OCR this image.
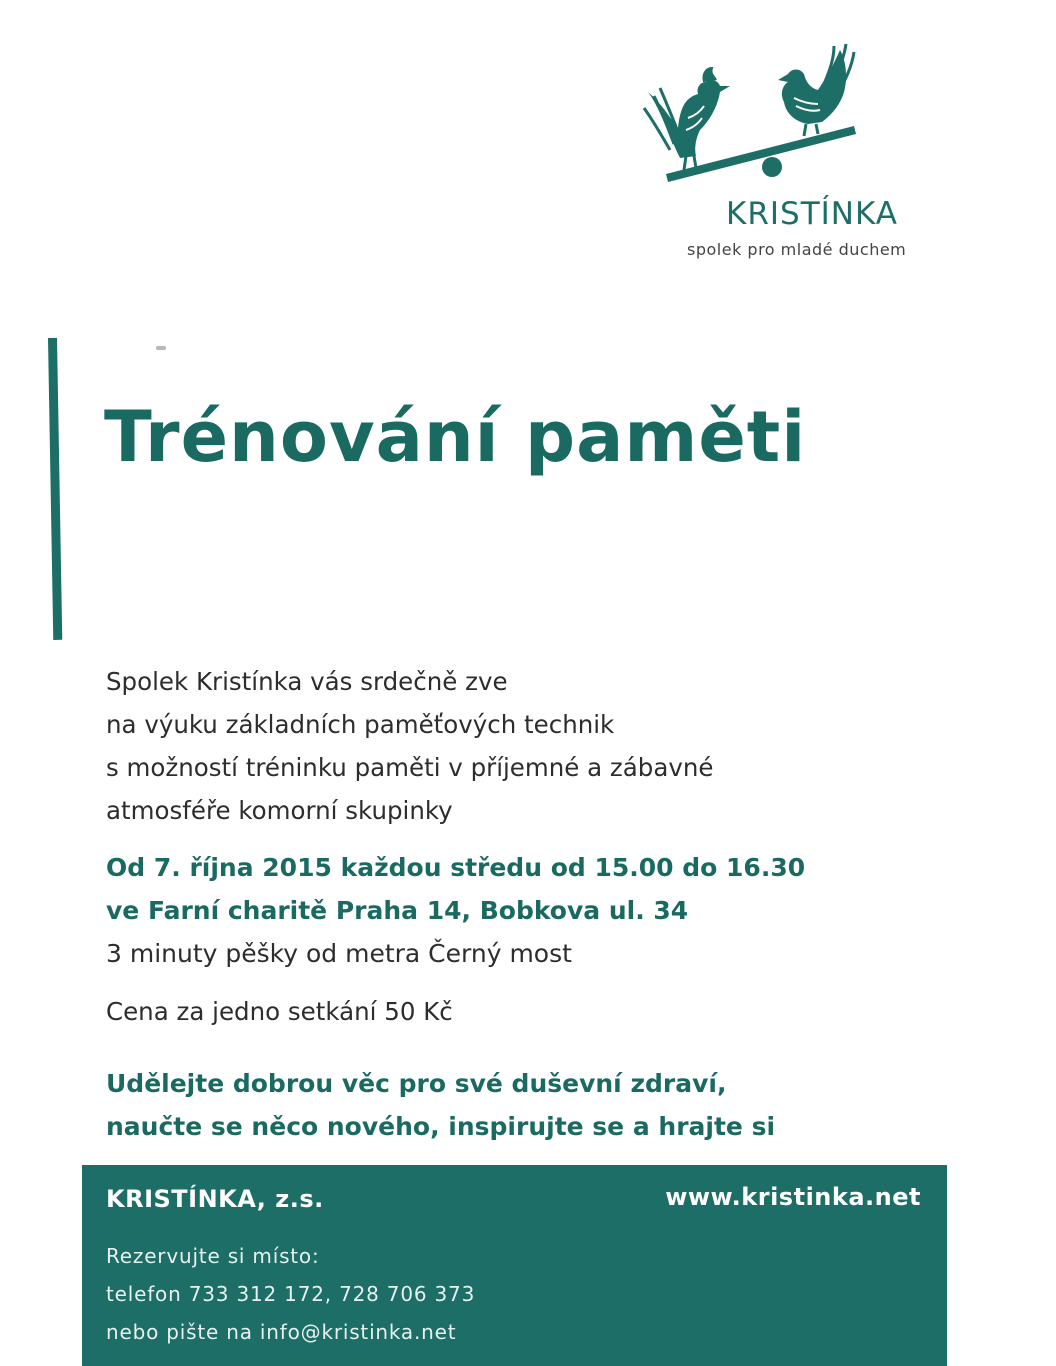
KRISTÍNKA
spolek pro mladé duchem
Trénování paměti
Spolek Kristínka vás srdečně zve
na výuku základních paměťových technik
s možností tréninku paměti v příjemné a zábavné
atmosféře komorní skupinky
Od 7. října 2015 každou středu od 15.00 do 16.30
ve Farní charitě Praha 14, Bobkova ul. 34
3 minuty pěšky od metra Černý most
Cena za jedno setkání 50 Kč
Udělejte dobrou věc pro své duševní zdraví,
naučte se něco nového, inspirujte se a hrajte si
KRISTÍNKA, z.s.	www.kristinka.net
Rezervujte si místo:
telefon 733 312 172, 728 706 373
nebo pište na info@kristinka.net
